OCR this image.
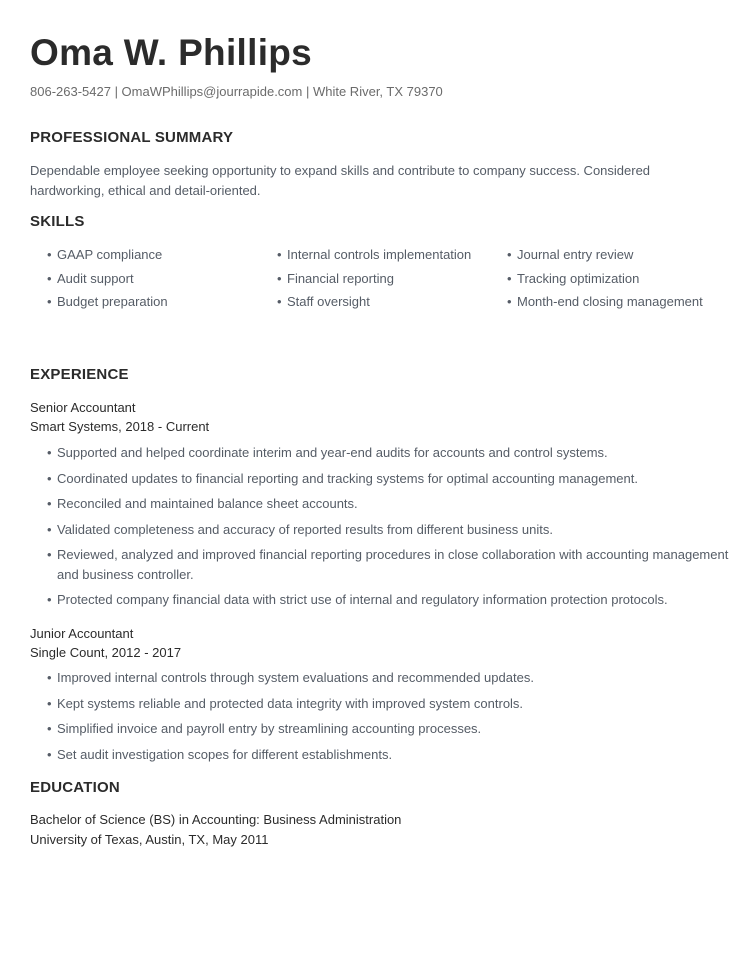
Oma W. Phillips
806-263-5427 | OmaWPhillips@jourrapide.com | White River, TX 79370
PROFESSIONAL SUMMARY

Dependable employee seeking opportunity to expand skills and contribute to company success. Considered hardworking, ethical and detail-oriented.

SKILLS
• GAAP compliance	• Internal controls implementation	• Journal entry review
• Audit support	• Financial reporting	• Tracking optimization
• Budget preparation	• Staff oversight	• Month-end closing management
EXPERIENCE
Senior Accountant
Smart Systems, 2018 - Current
• Supported and helped coordinate interim and year-end audits for accounts and control systems.
• Coordinated updates to financial reporting and tracking systems for optimal accounting management.
• Reconciled and maintained balance sheet accounts.
• Validated completeness and accuracy of reported results from different business units.
• Reviewed, analyzed and improved financial reporting procedures in close collaboration with accounting management and business controller.
• Protected company financial data with strict use of internal and regulatory information protection protocols.
Junior Accountant
Single Count, 2012 - 2017
• Improved internal controls through system evaluations and recommended updates.
• Kept systems reliable and protected data integrity with improved system controls.
• Simplified invoice and payroll entry by streamlining accounting processes.
• Set audit investigation scopes for different establishments.
EDUCATION
Bachelor of Science (BS) in Accounting: Business Administration
University of Texas, Austin, TX, May 2011
